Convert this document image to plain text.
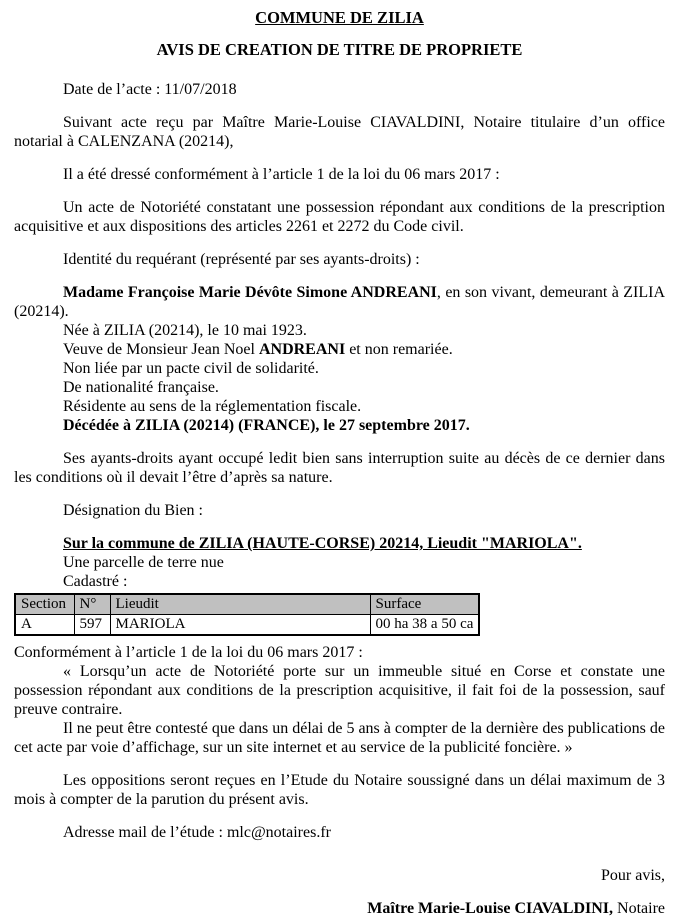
COMMUNE DE ZILIA
AVIS DE CREATION DE TITRE DE PROPRIETE

Date de l’acte : 11/07/2018

Suivant acte reçu par Maître Marie-Louise CIAVALDINI, Notaire titulaire d’un office notarial à CALENZANA (20214),

Il a été dressé conformément à l’article 1 de la loi du 06 mars 2017 :

Un acte de Notoriété constatant une possession répondant aux conditions de la prescription acquisitive et aux dispositions des articles 2261 et 2272 du Code civil.

Identité du requérant (représenté par ses ayants-droits) :

Madame Françoise Marie Dévôte Simone ANDREANI, en son vivant, demeurant à ZILIA (20214).

Née à ZILIA (20214), le 10 mai 1923.

Veuve de Monsieur Jean Noel ANDREANI et non remariée.

Non liée par un pacte civil de solidarité.

De nationalité française.

Résidente au sens de la réglementation fiscale.

Décédée à ZILIA (20214) (FRANCE), le 27 septembre 2017.

Ses ayants-droits ayant occupé ledit bien sans interruption suite au décès de ce dernier dans les conditions où il devait l’être d’après sa nature.

Désignation du Bien :

Sur la commune de ZILIA (HAUTE-CORSE) 20214, Lieudit "MARIOLA".

Une parcelle de terre nue

Cadastré :

Section	N°	Lieudit	Surface
A	597	MARIOLA	00 ha 38 a 50 ca

Conformément à l’article 1 de la loi du 06 mars 2017 :

« Lorsqu’un acte de Notoriété porte sur un immeuble situé en Corse et constate une possession répondant aux conditions de la prescription acquisitive, il fait foi de la possession, sauf preuve contraire.

Il ne peut être contesté que dans un délai de 5 ans à compter de la dernière des publications de cet acte par voie d’affichage, sur un site internet et au service de la publicité foncière. »

Les oppositions seront reçues en l’Etude du Notaire soussigné dans un délai maximum de 3 mois à compter de la parution du présent avis.

Adresse mail de l’étude : mlc@notaires.fr

Pour avis,

Maître Marie-Louise CIAVALDINI, Notaire
